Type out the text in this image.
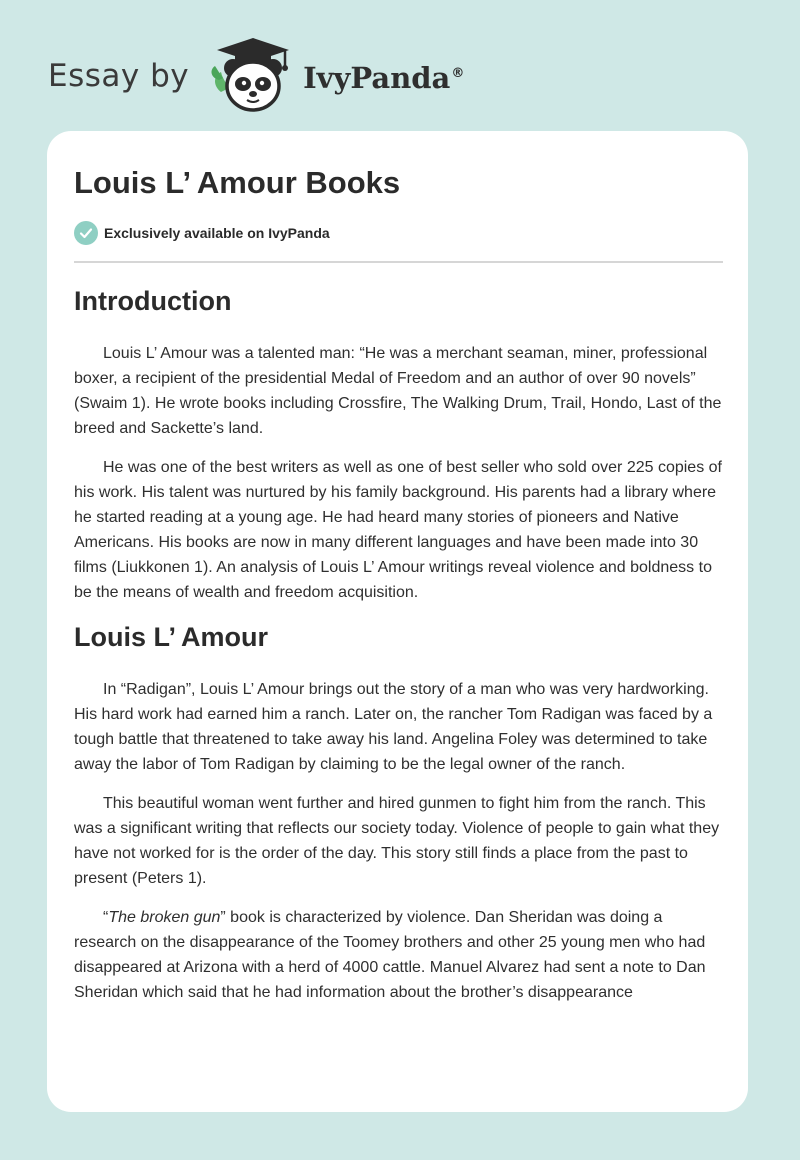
Essay by	IvyPanda®
Louis L’ Amour Books
Exclusively available on IvyPanda
Introduction

Louis L’ Amour was a talented man: “He was a merchant seaman, miner, professional boxer, a recipient of the presidential Medal of Freedom and an author of over 90 novels” (Swaim 1). He wrote books including Crossfire, The Walking Drum, Trail, Hondo, Last of the breed and Sackette’s land.

He was one of the best writers as well as one of best seller who sold over 225 copies of his work. His talent was nurtured by his family background. His parents had a library where he started reading at a young age. He had heard many stories of pioneers and Native Americans. His books are now in many different languages and have been made into 30 films (Liukkonen 1). An analysis of Louis L’ Amour writings reveal violence and boldness to be the means of wealth and freedom acquisition.

Louis L’ Amour

In “Radigan”, Louis L’ Amour brings out the story of a man who was very hardworking. His hard work had earned him a ranch. Later on, the rancher Tom Radigan was faced by a tough battle that threatened to take away his land. Angelina Foley was determined to take away the labor of Tom Radigan by claiming to be the legal owner of the ranch.

This beautiful woman went further and hired gunmen to fight him from the ranch. This was a significant writing that reflects our society today. Violence of people to gain what they have not worked for is the order of the day. This story still finds a place from the past to present (Peters 1).

“The broken gun” book is characterized by violence. Dan Sheridan was doing a research on the disappearance of the Toomey brothers and other 25 young men who had disappeared at Arizona with a herd of 4000 cattle. Manuel Alvarez had sent a note to Dan Sheridan which said that he had information about the brother’s disappearance
